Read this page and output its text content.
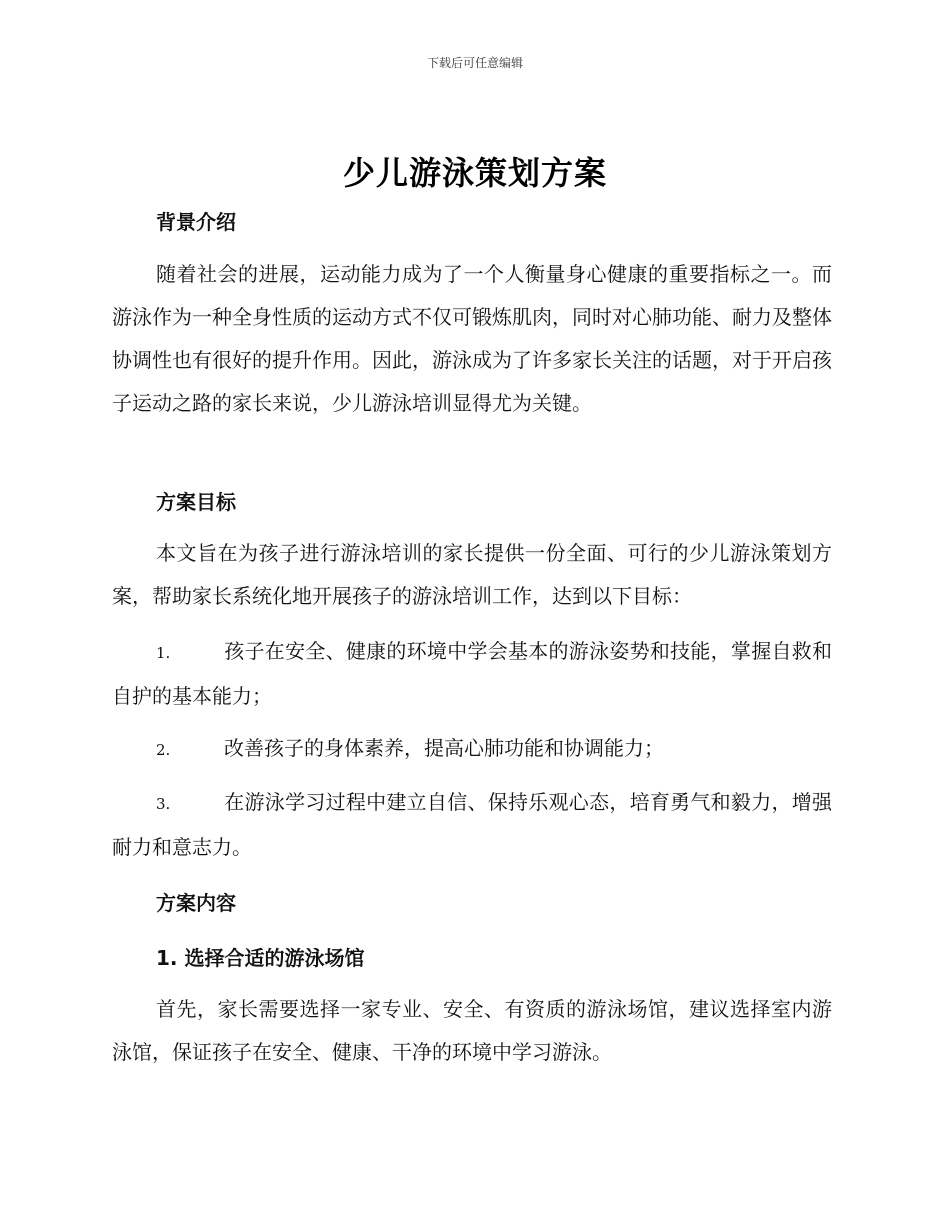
下载后可任意编辑
少儿游泳策划方案

背景介绍

随着社会的进展，运动能力成为了一个人衡量身心健康的重要指标之一。而游泳作为一种全身性质的运动方式不仅可锻炼肌肉，同时对心肺功能、耐力及整体协调性也有很好的提升作用。因此，游泳成为了许多家长关注的话题，对于开启孩子运动之路的家长来说，少儿游泳培训显得尤为关键。

方案目标

本文旨在为孩子进行游泳培训的家长提供一份全面、可行的少儿游泳策划方案，帮助家长系统化地开展孩子的游泳培训工作，达到以下目标：

1.	孩子在安全、健康的环境中学会基本的游泳姿势和技能，掌握自救和自护的基本能力；

2.	改善孩子的身体素养，提高心肺功能和协调能力；

3.	在游泳学习过程中建立自信、保持乐观心态，培育勇气和毅力，增强耐力和意志力。

方案内容

1. 选择合适的游泳场馆

首先，家长需要选择一家专业、安全、有资质的游泳场馆，建议选择室内游泳馆，保证孩子在安全、健康、干净的环境中学习游泳。
